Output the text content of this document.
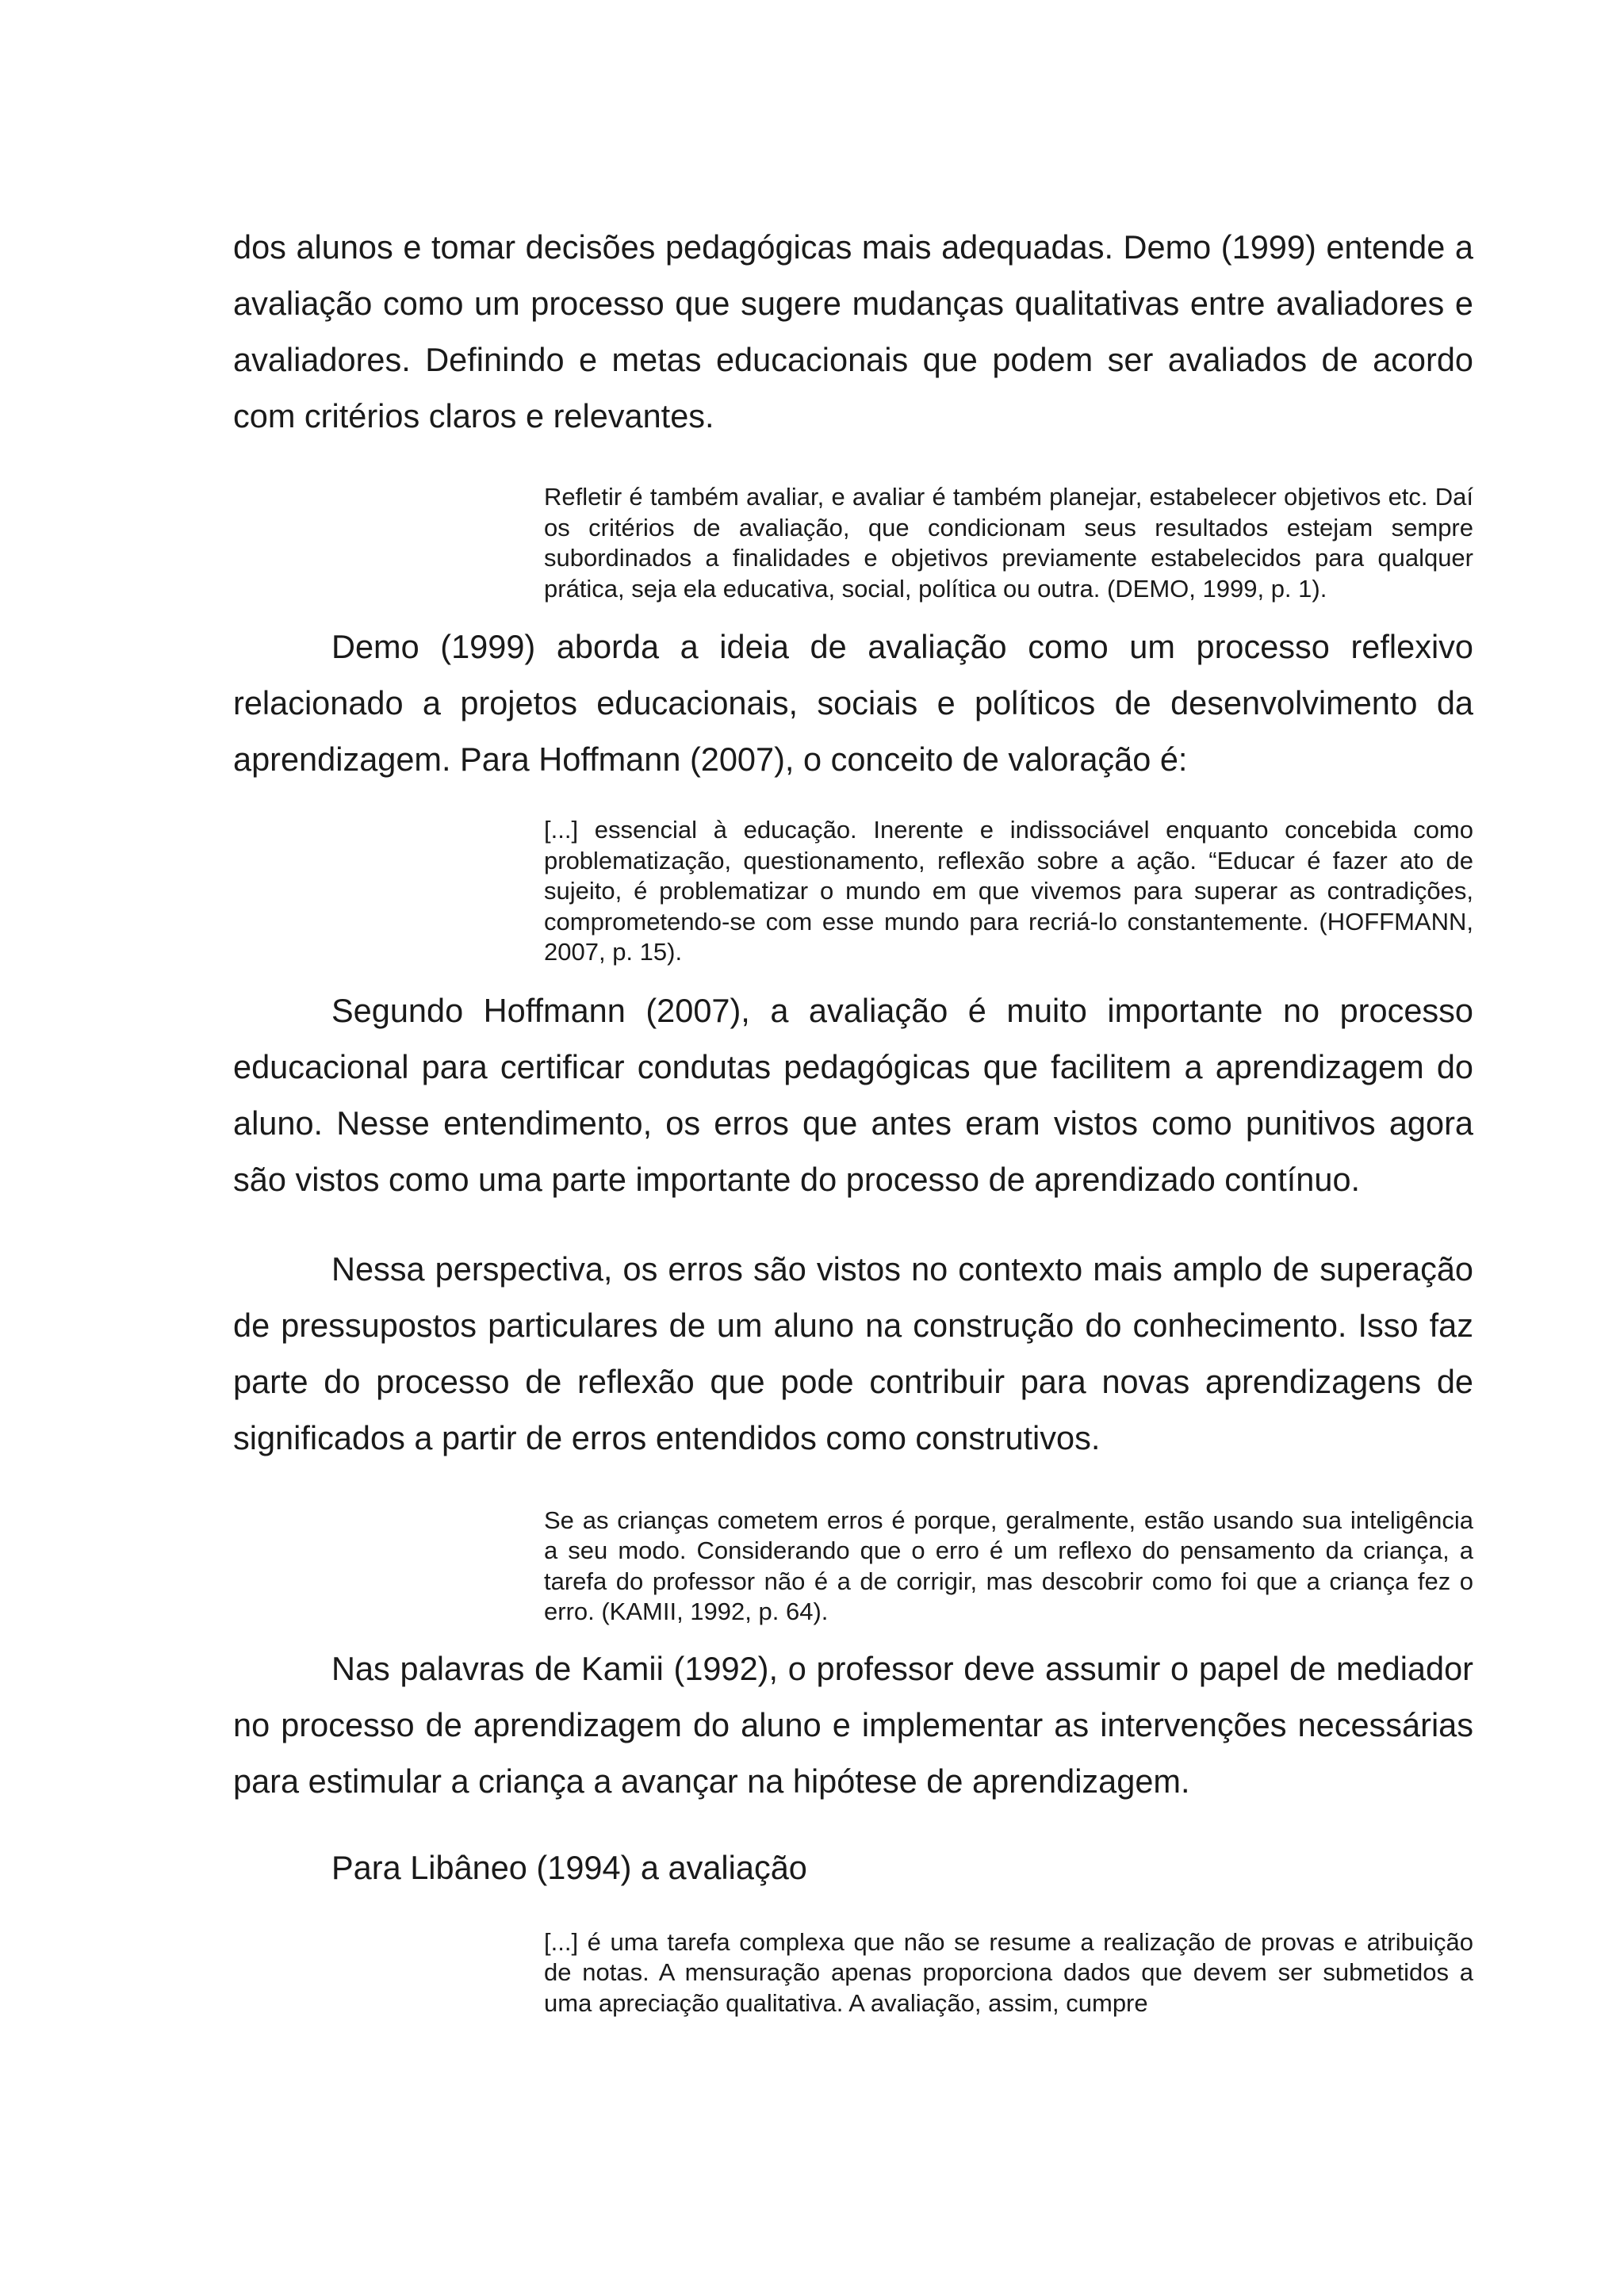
dos alunos e tomar decisões pedagógicas mais adequadas. Demo (1999) entende a avaliação como um processo que sugere mudanças qualitativas entre avaliadores e avaliadores. Definindo e metas educacionais que podem ser avaliados de acordo com critérios claros e relevantes.

Refletir é também avaliar, e avaliar é também planejar, estabelecer objetivos etc. Daí os critérios de avaliação, que condicionam seus resultados estejam sempre subordinados a finalidades e objetivos previamente estabelecidos para qualquer prática, seja ela educativa, social, política ou outra. (DEMO, 1999, p. 1).

Demo (1999) aborda a ideia de avaliação como um processo reflexivo relacionado a projetos educacionais, sociais e políticos de desenvolvimento da aprendizagem. Para Hoffmann (2007), o conceito de valoração é:

[...] essencial à educação. Inerente e indissociável enquanto concebida como problematização, questionamento, reflexão sobre a ação. “Educar é fazer ato de sujeito, é problematizar o mundo em que vivemos para superar as contradições, comprometendo-se com esse mundo para recriá-lo constantemente. (HOFFMANN, 2007, p. 15).

Segundo Hoffmann (2007), a avaliação é muito importante no processo educacional para certificar condutas pedagógicas que facilitem a aprendizagem do aluno. Nesse entendimento, os erros que antes eram vistos como punitivos agora são vistos como uma parte importante do processo de aprendizado contínuo.

Nessa perspectiva, os erros são vistos no contexto mais amplo de superação de pressupostos particulares de um aluno na construção do conhecimento. Isso faz parte do processo de reflexão que pode contribuir para novas aprendizagens de significados a partir de erros entendidos como construtivos.

Se as crianças cometem erros é porque, geralmente, estão usando sua inteligência a seu modo. Considerando que o erro é um reflexo do pensamento da criança, a tarefa do professor não é a de corrigir, mas descobrir como foi que a criança fez o erro. (KAMII, 1992, p. 64).

Nas palavras de Kamii (1992), o professor deve assumir o papel de mediador no processo de aprendizagem do aluno e implementar as intervenções necessárias para estimular a criança a avançar na hipótese de aprendizagem.

Para Libâneo (1994) a avaliação

[...] é uma tarefa complexa que não se resume a realização de provas e atribuição de notas. A mensuração apenas proporciona dados que devem ser submetidos a uma apreciação qualitativa. A avaliação, assim, cumpre
